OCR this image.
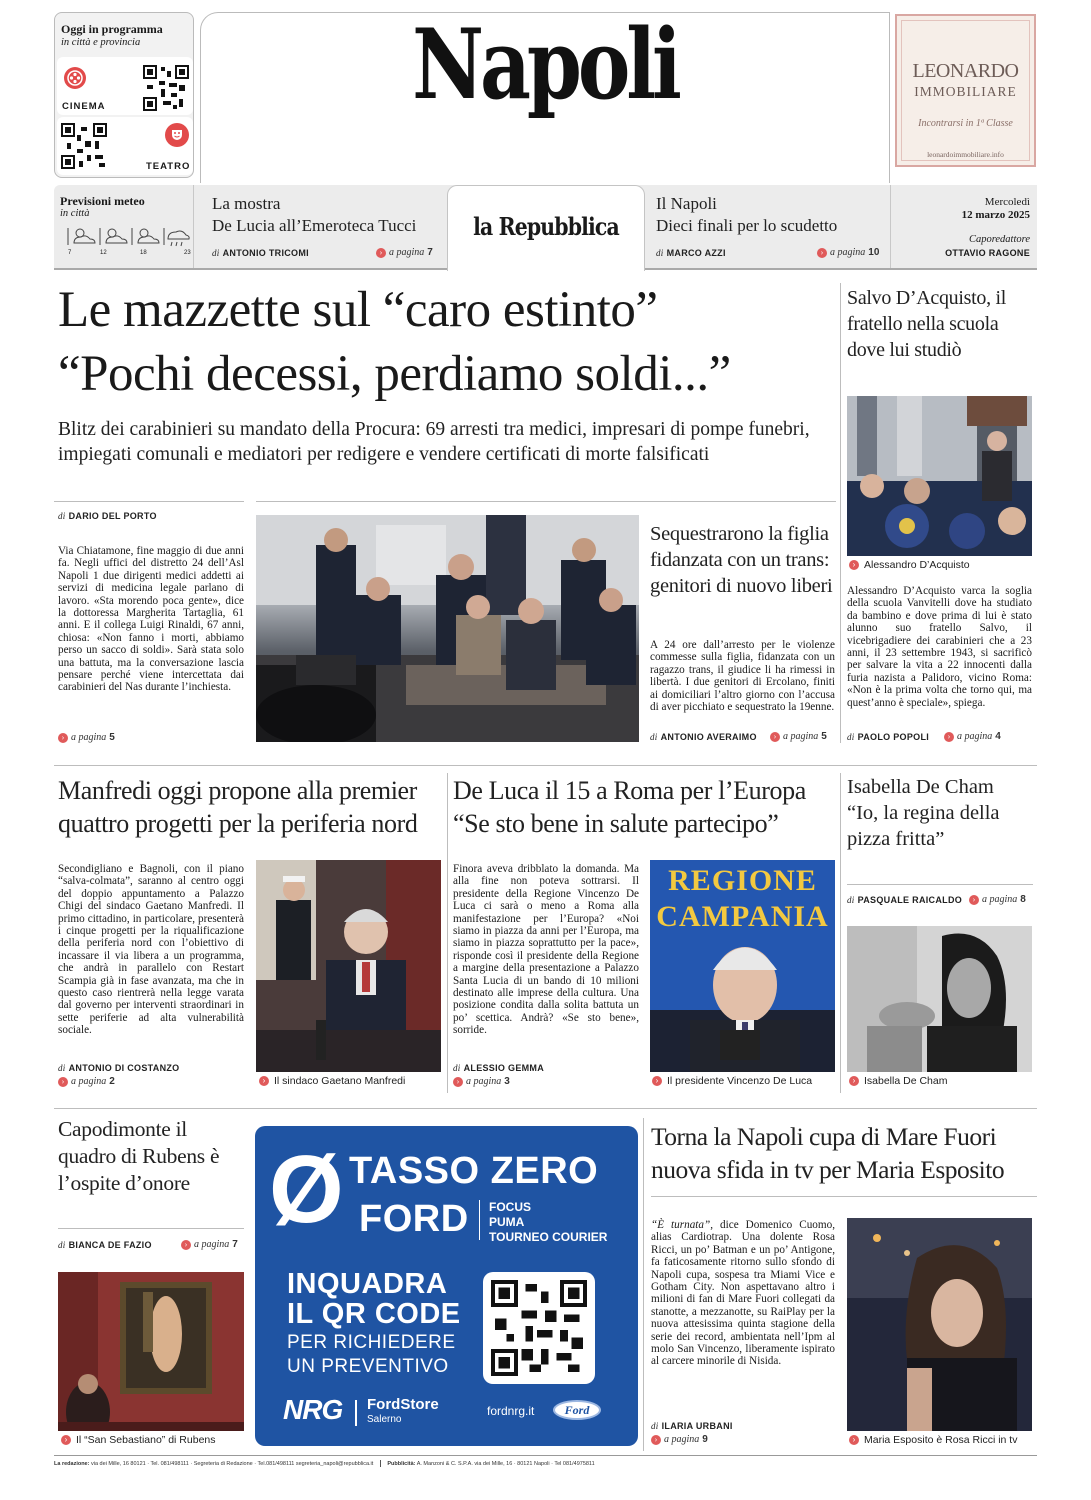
Oggi in programma
in città e provincia
CINEMA
TEATRO
Napoli	LEONARDO
IMMOBILIARE
Incontrarsi in 1ª Classe
leonardoimmobiliare.info
Previsioni meteo
in città
7	12	18	23
La mostra
De Lucia all’Emeroteca Tucci
di ANTONIO TRICOMI	› a pagina 7
la Repubblica
Il Napoli
Dieci finali per lo scudetto
di MARCO AZZI	› a pagina 10
Mercoledì
12 marzo 2025
Caporedattore
OTTAVIO RAGONE
Le mazzette sul “caro estinto”
“Pochi decessi, perdiamo soldi...”
Blitz dei carabinieri su mandato della Procura: 69 arresti tra medici, impresari di pompe funebri, impiegati comunali e mediatori per redigere e vendere certificati di morte falsificati
di DARIO DEL PORTO
Via Chiatamone, fine maggio di due anni fa. Negli uffici del distretto 24 dell’Asl Napoli 1 due dirigenti medici addetti ai servizi di medicina legale parlano di lavoro. «Sta morendo poca gente», dice la dottoressa Margherita Tartaglia, 61 anni. E il collega Luigi Rinaldi, 67 anni, chiosa: «Non fanno i morti, abbiamo perso un sacco di soldi». Sarà stata solo una battuta, ma la conversazione lascia pensare perché viene intercettata dai carabinieri del Nas durante l’inchiesta.
› a pagina 5
Sequestrarono la figlia fidanzata con un trans: genitori di nuovo liberi
A 24 ore dall’arresto per le violenze commesse sulla figlia, fidanzata con un ragazzo trans, il giudice li ha rimessi in libertà. I due genitori di Ercolano, finiti ai domiciliari l’altro giorno con l’accusa di aver picchiato e sequestrato la 19enne.
di ANTONIO AVERAIMO	› a pagina 5
Salvo D’Acquisto, il fratello nella scuola dove lui studiò
› Alessandro D’Acquisto
Alessandro D’Acquisto varca la soglia della scuola Vanvitelli dove ha studiato da bambino e dove prima di lui è stato alunno suo fratello Salvo, il vicebrigadiere dei carabinieri che a 23 anni, il 23 settembre 1943, si sacrificò per salvare la vita a 22 innocenti dalla furia nazista a Palidoro, vicino Roma: «Non è la prima volta che torno qui, ma quest’anno è speciale», spiega.
di PAOLO POPOLI	› a pagina 4
Manfredi oggi propone alla premier quattro progetti per la periferia nord
Secondigliano e Bagnoli, con il piano “salva-colmata”, saranno al centro oggi del doppio appuntamento a Palazzo Chigi del sindaco Gaetano Manfredi. Il primo cittadino, in particolare, presenterà i cinque progetti per la riqualificazione della periferia nord con l’obiettivo di incassare il via libera a un programma, che andrà in parallelo con Restart Scampia già in fase avanzata, ma che in questo caso rientrerà nella legge varata dal governo per interventi straordinari in sette periferie ad alta vulnerabilità sociale.
di ANTONIO DI COSTANZO
› a pagina 2	› Il sindaco Gaetano Manfredi
De Luca il 15 a Roma per l’Europa
“Se sto bene in salute partecipo”
Finora aveva dribblato la domanda. Ma alla fine non poteva sottrarsi. Il presidente della Regione Vincenzo De Luca ci sarà o meno a Roma alla manifestazione per l’Europa? «Noi siamo in piazza da anni per l’Europa, ma siamo in piazza soprattutto per la pace», risponde così il presidente della Regione a margine della presentazione a Palazzo Santa Lucia di un bando di 10 milioni destinato alle imprese della cultura. Una posizione condita dalla solita battuta un po’ scettica. Andrà? «Se sto bene», sorride.
di ALESSIO GEMMA
› a pagina 3
REGIONE
CAMPANIA
› Il presidente Vincenzo De Luca
Isabella De Cham
“Io, la regina della pizza fritta”
di PASQUALE RAICALDO	› a pagina 8
› Isabella De Cham
Capodimonte il quadro di Rubens è l’ospite d’onore
di BIANCA DE FAZIO	› a pagina 7
› Il “San Sebastiano” di Rubens
Ø TASSO ZERO
FORD FOCUS
PUMA
TOURNEO COURIER
INQUADRA
IL QR CODE
PER RICHIEDERE
UN PREVENTIVO
NRG FordStore
Salerno
fordnrg.it	Ford
Torna la Napoli cupa di Mare Fuori nuova sfida in tv per Maria Esposito
“È turnata”, dice Domenico Cuomo, alias Cardiotrap. Una dolente Rosa Ricci, un po’ Batman e un po’ Antigone, fa faticosamente ritorno sullo sfondo di Napoli cupa, sospesa tra Miami Vice e Gotham City. Non aspettavano altro i milioni di fan di Mare Fuori collegati da stanotte, a mezzanotte, su RaiPlay per la nuova attesissima quinta stagione della serie dei record, ambientata nell’Ipm al molo San Vincenzo, liberamente ispirato al carcere minorile di Nisida.
di ILARIA URBANI
› a pagina 9	› Maria Esposito è Rosa Ricci in tv
La redazione: via dei Mille, 16 80121 · Tel. 081/498111 · Segreteria di Redazione · Tel.081/498111 segreteria_napoli@repubblica.it	Pubblicità: A. Manzoni & C. S.P.A. via dei Mille, 16 · 80121 Napoli · Tel 081/4975811
